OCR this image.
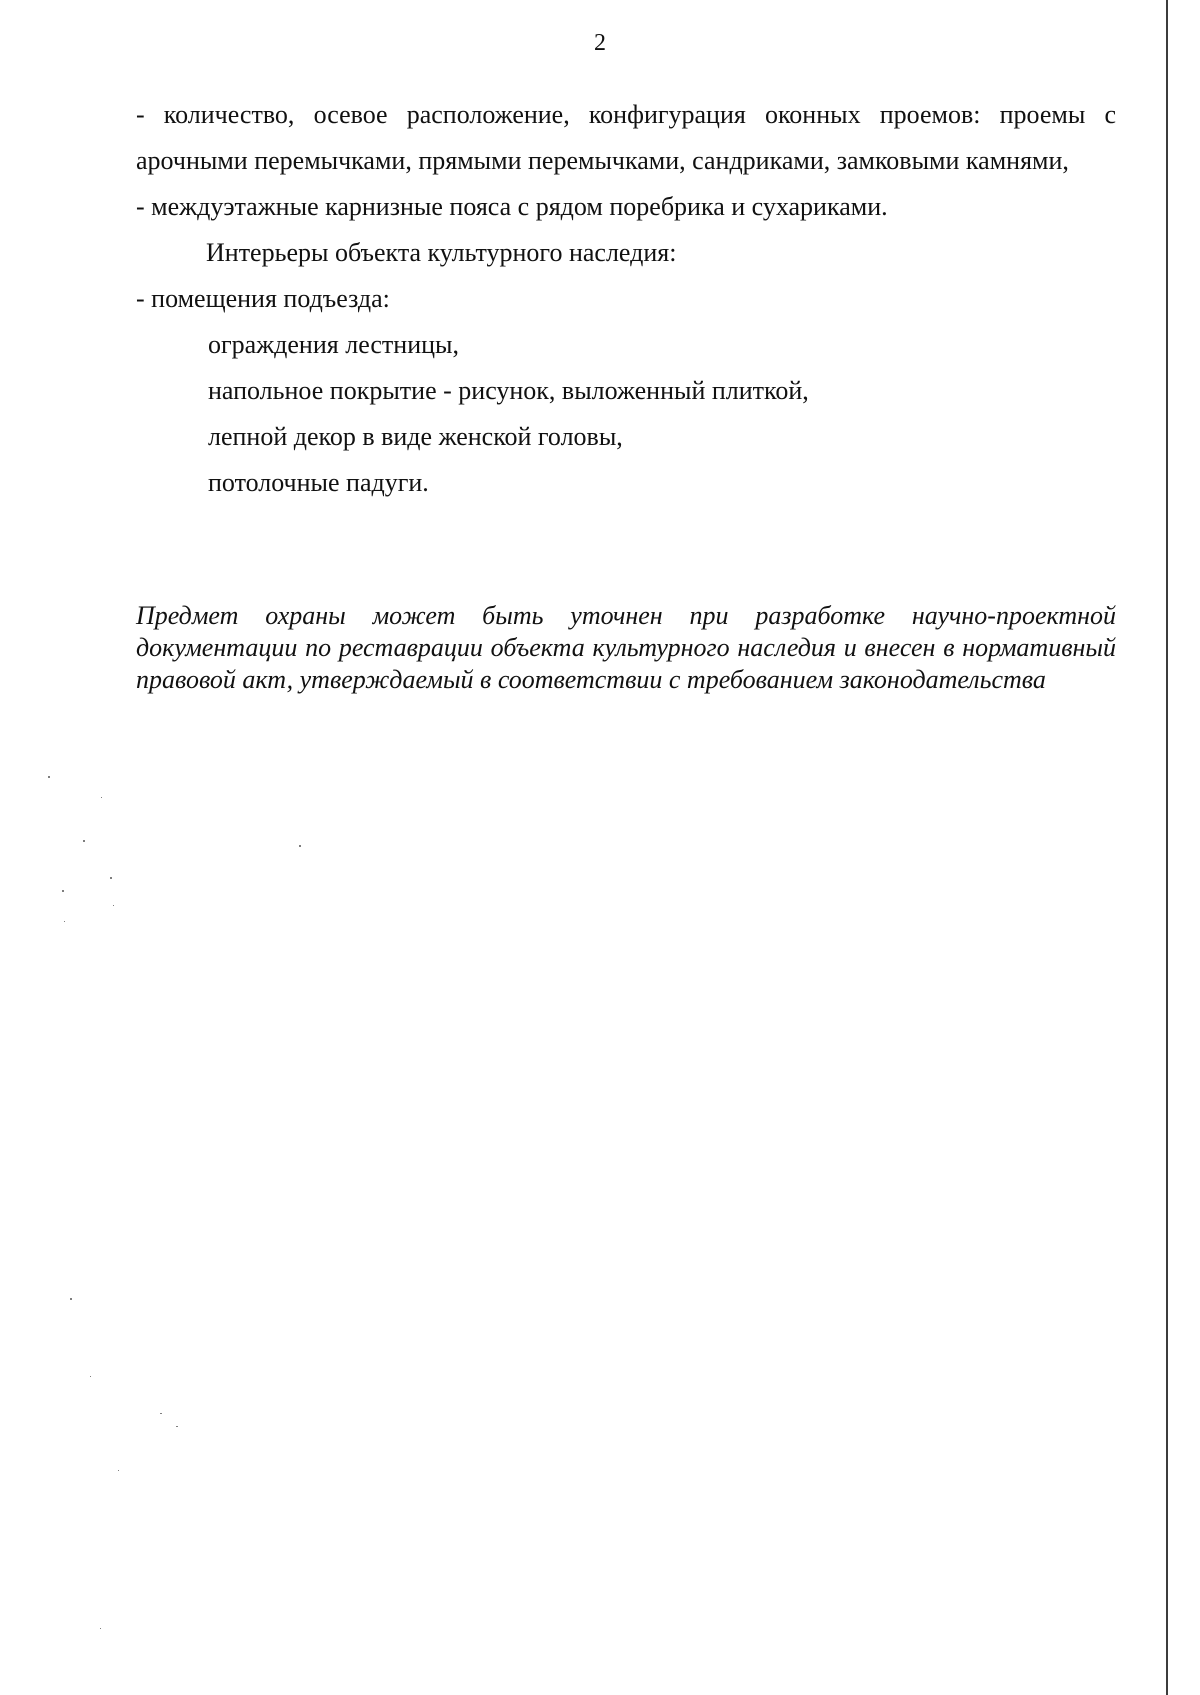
2

- количество, осевое расположение, конфигурация оконных проемов: проемы с арочными перемычками, прямыми перемычками, сандриками, замковыми камнями,

- междуэтажные карнизные пояса с рядом поребрика и сухариками.

Интерьеры объекта культурного наследия:

- помещения подъезда:

ограждения лестницы,

напольное покрытие - рисунок, выложенный плиткой,

лепной декор в виде женской головы,

потолочные падуги.

Предмет охраны может быть уточнен при разработке научно-проектной документации по реставрации объекта культурного наследия и внесен в нормативный правовой акт, утверждаемый в соответствии с требованием законодательства
